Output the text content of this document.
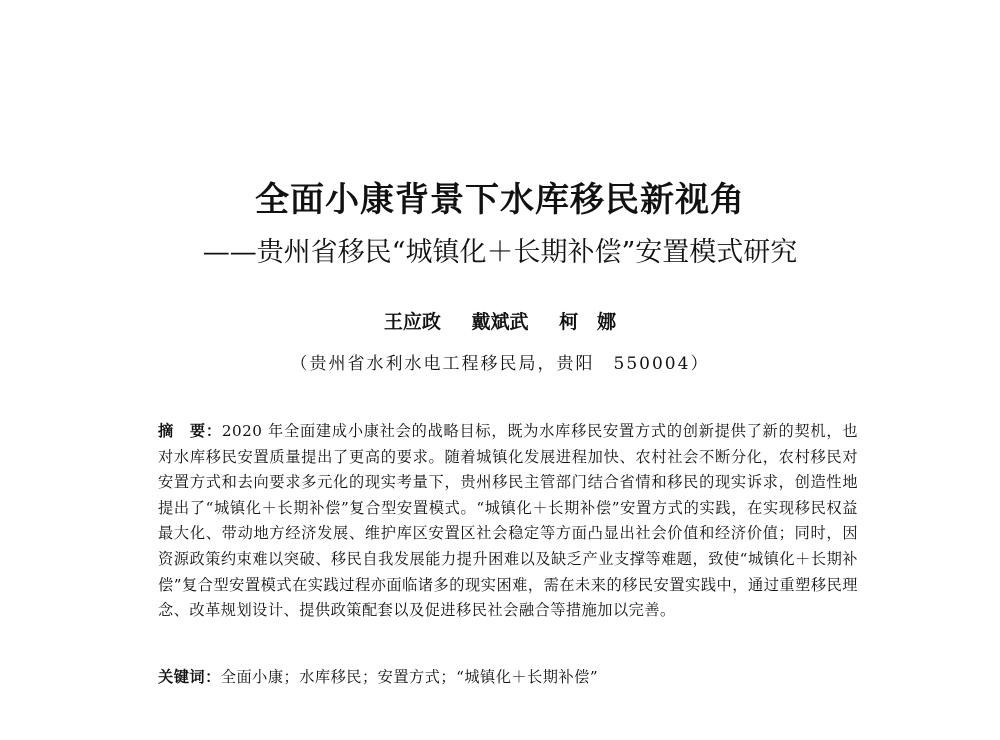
全面小康背景下水库移民新视角
——贵州省移民“城镇化＋长期补偿”安置模式研究
王应政 戴斌武 柯　娜
（贵州省水利水电工程移民局，贵阳　550004）
摘　要：2020 年全面建成小康社会的战略目标，既为水库移民安置方式的创新提供了新的契机，也对水库移民安置质量提出了更高的要求。随着城镇化发展进程加快、农村社会不断分化，农村移民对安置方式和去向要求多元化的现实考量下，贵州移民主管部门结合省情和移民的现实诉求，创造性地提出了“城镇化＋长期补偿”复合型安置模式。“城镇化＋长期补偿”安置方式的实践，在实现移民权益最大化、带动地方经济发展、维护库区安置区社会稳定等方面凸显出社会价值和经济价值；同时，因资源政策约束难以突破、移民自我发展能力提升困难以及缺乏产业支撑等难题，致使“城镇化＋长期补偿”复合型安置模式在实践过程亦面临诸多的现实困难，需在未来的移民安置实践中，通过重塑移民理念、改革规划设计、提供政策配套以及促进移民社会融合等措施加以完善。
关键词：全面小康；水库移民；安置方式；“城镇化＋长期补偿”
